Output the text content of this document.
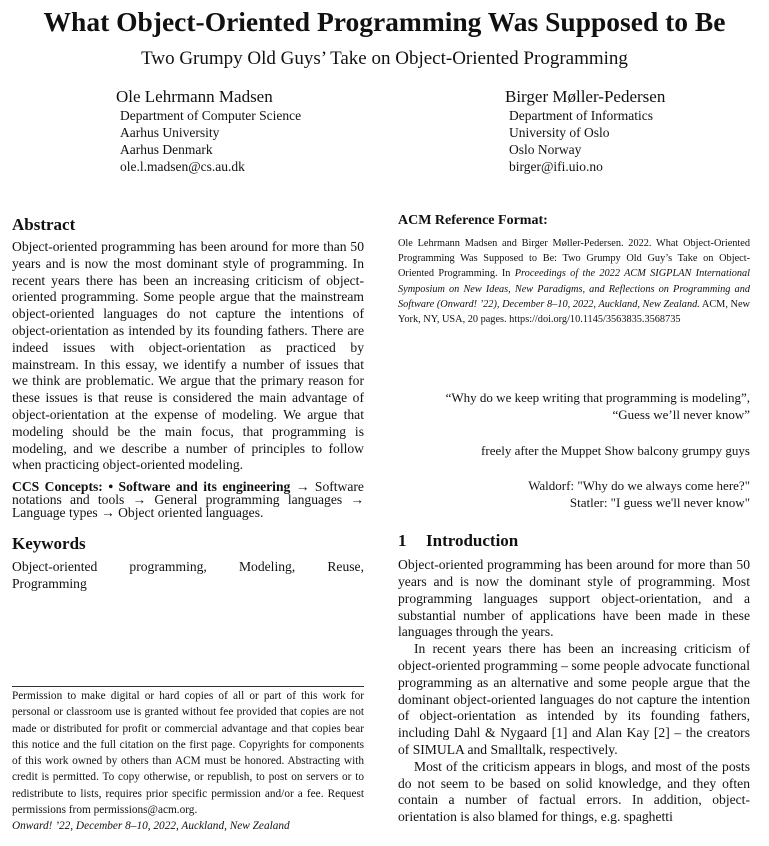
What Object-Oriented Programming Was Supposed to Be
Two Grumpy Old Guys’ Take on Object-Oriented Programming
Ole Lehrmann Madsen
Department of Computer Science
Aarhus University
Aarhus Denmark
ole.l.madsen@cs.au.dk
Birger Møller-Pedersen
Department of Informatics
University of Oslo
Oslo Norway
birger@ifi.uio.no
Abstract
Object-oriented programming has been around for more than 50 years and is now the most dominant style of programming. In recent years there has been an increasing criticism of object-oriented programming. Some people argue that the mainstream object-oriented languages do not capture the intentions of object-orientation as intended by its founding fathers. There are indeed issues with object-orientation as practiced by mainstream. In this essay, we identify a number of issues that we think are problematic. We argue that the primary reason for these issues is that reuse is considered the main advantage of object-orientation at the expense of modeling. We argue that modeling should be the main focus, that programming is modeling, and we describe a number of principles to follow when practicing object-oriented modeling.
CCS Concepts: • Software and its engineering → Software notations and tools → General programming languages → Language types → Object oriented languages.
Keywords
Object-oriented programming, Modeling, Reuse,
Programming
Permission to make digital or hard copies of all or part of this work for personal or classroom use is granted without fee provided that copies are not made or distributed for profit or commercial advantage and that copies bear this notice and the full citation on the first page. Copyrights for components of this work owned by others than ACM must be honored. Abstracting with credit is permitted. To copy otherwise, or republish, to post on servers or to redistribute to lists, requires prior specific permission and/or a fee. Request permissions from permissions@acm.org.
Onward! ’22, December 8–10, 2022, Auckland, New Zealand
ACM Reference Format:
Ole Lehrmann Madsen and Birger Møller-Pedersen. 2022. What Object-Oriented Programming Was Supposed to Be: Two Grumpy Old Guy’s Take on Object-Oriented Programming. In Proceedings of the 2022 ACM SIGPLAN International Symposium on New Ideas, New Paradigms, and Reflections on Programming and Software (Onward! ’22), December 8–10, 2022, Auckland, New Zealand. ACM, New York, NY, USA, 20 pages. https://doi.org/10.1145/3563835.3568735
“Why do we keep writing that programming is modeling”,
“Guess we’ll never know”
freely after the Muppet Show balcony grumpy guys
Waldorf: "Why do we always come here?"
Statler: "I guess we'll never know"
1 Introduction

Object-oriented programming has been around for more than 50 years and is now the dominant style of programming. Most programming languages support object-orientation, and a substantial number of applications have been made in these languages through the years.

In recent years there has been an increasing criticism of object-oriented programming – some people advocate functional programming as an alternative and some people argue that the dominant object-oriented languages do not capture the intention of object-orientation as intended by its founding fathers, including Dahl & Nygaard [1] and Alan Kay [2] – the creators of SIMULA and Smalltalk, respectively.

Most of the criticism appears in blogs, and most of the posts do not seem to be based on solid knowledge, and they often contain a number of factual errors. In addition, object-orientation is also blamed for things, e.g. spaghetti
